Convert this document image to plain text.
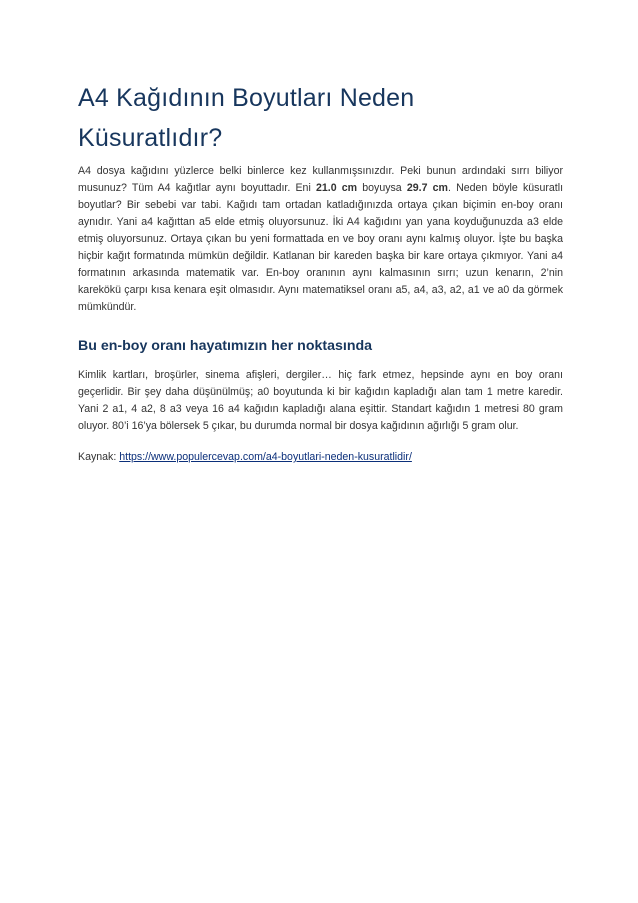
A4 Kağıdının Boyutları Neden Küsuratlıdır?

A4 dosya kağıdını yüzlerce belki binlerce kez kullanmışsınızdır. Peki bunun ardındaki sırrı biliyor musunuz? Tüm A4 kağıtlar aynı boyuttadır. Eni 21.0 cm boyuysa 29.7 cm. Neden böyle küsuratlı boyutlar? Bir sebebi var tabi. Kağıdı tam ortadan katladığınızda ortaya çıkan biçimin en-boy oranı aynıdır. Yani a4 kağıttan a5 elde etmiş oluyorsunuz. İki A4 kağıdını yan yana koyduğunuzda a3 elde etmiş oluyorsunuz. Ortaya çıkan bu yeni formattada en ve boy oranı aynı kalmış oluyor. İşte bu başka hiçbir kağıt formatında mümkün değildir. Katlanan bir kareden başka bir kare ortaya çıkmıyor. Yani a4 formatının arkasında matematik var. En-boy oranının aynı kalmasının sırrı; uzun kenarın, 2’nin karekökü çarpı kısa kenara eşit olmasıdır. Aynı matematiksel oranı a5, a4, a3, a2, a1 ve a0 da görmek mümkündür.

Bu en-boy oranı hayatımızın her noktasında

Kimlik kartları, broşürler, sinema afişleri, dergiler… hiç fark etmez, hepsinde aynı en boy oranı geçerlidir. Bir şey daha düşünülmüş; a0 boyutunda ki bir kağıdın kapladığı alan tam 1 metre karedir. Yani 2 a1, 4 a2, 8 a3 veya 16 a4 kağıdın kapladığı alana eşittir. Standart kağıdın 1 metresi 80 gram oluyor. 80’i 16’ya bölersek 5 çıkar, bu durumda normal bir dosya kağıdının ağırlığı 5 gram olur.

Kaynak: https://www.populercevap.com/a4-boyutlari-neden-kusuratlidir/
